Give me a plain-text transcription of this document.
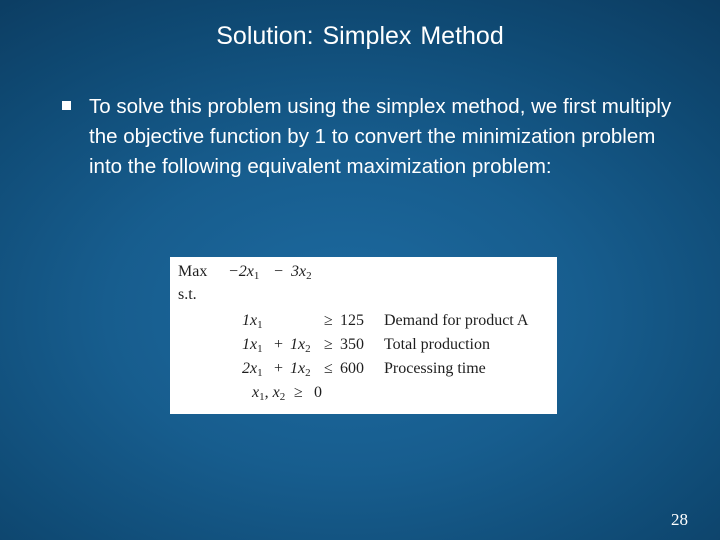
Solution: Simplex Method
To solve this problem using the simplex method, we first multiply the objective function by 1 to convert the minimization problem into the following equivalent maximization problem:
Max $-2x_1 - 3x_2$
s.t.
$1x_1$	≥ 125 Demand for product A
$1x_1 + 1x_2 \ge 350$ Total production
$2x_1 + 1x_2 \le 600$ Processing time
$x_1$, $x_2 \ge 0$
28
